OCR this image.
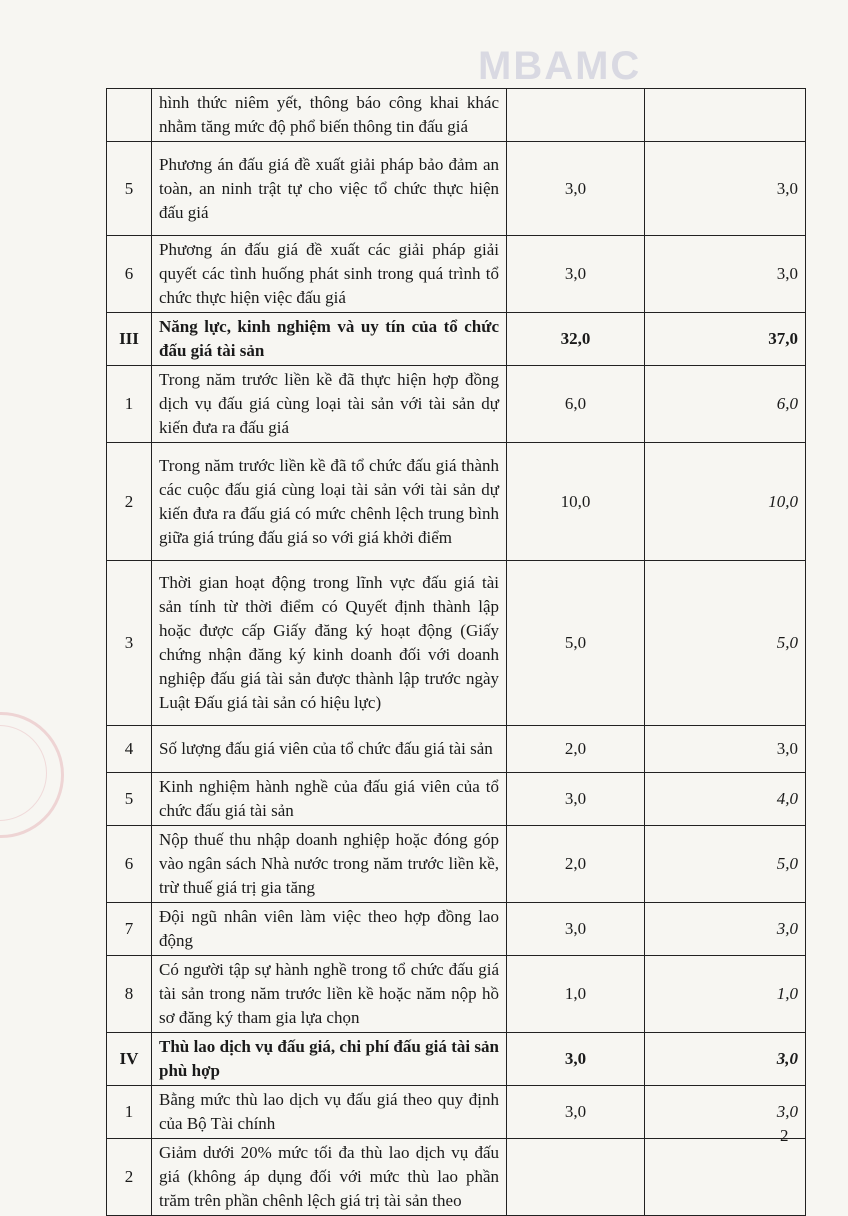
MBAMC
	hình thức niêm yết, thông báo công khai khác nhằm tăng mức độ phổ biến thông tin đấu giá		
5	Phương án đấu giá đề xuất giải pháp bảo đảm an toàn, an ninh trật tự cho việc tổ chức thực hiện đấu giá	3,0	3,0
6	Phương án đấu giá đề xuất các giải pháp giải quyết các tình huống phát sinh trong quá trình tổ chức thực hiện việc đấu giá	3,0	3,0
III	Năng lực, kinh nghiệm và uy tín của tổ chức đấu giá tài sản	32,0	37,0
1	Trong năm trước liền kề đã thực hiện hợp đồng dịch vụ đấu giá cùng loại tài sản với tài sản dự kiến đưa ra đấu giá	6,0	6,0
2	Trong năm trước liền kề đã tổ chức đấu giá thành các cuộc đấu giá cùng loại tài sản với tài sản dự kiến đưa ra đấu giá có mức chênh lệch trung bình giữa giá trúng đấu giá so với giá khởi điểm	10,0	10,0
3	Thời gian hoạt động trong lĩnh vực đấu giá tài sản tính từ thời điểm có Quyết định thành lập hoặc được cấp Giấy đăng ký hoạt động (Giấy chứng nhận đăng ký kinh doanh đối với doanh nghiệp đấu giá tài sản được thành lập trước ngày Luật Đấu giá tài sản có hiệu lực)	5,0	5,0
4	Số lượng đấu giá viên của tổ chức đấu giá tài sản	2,0	3,0
5	Kinh nghiệm hành nghề của đấu giá viên của tổ chức đấu giá tài sản	3,0	4,0
6	Nộp thuế thu nhập doanh nghiệp hoặc đóng góp vào ngân sách Nhà nước trong năm trước liền kề, trừ thuế giá trị gia tăng	2,0	5,0
7	Đội ngũ nhân viên làm việc theo hợp đồng lao động	3,0	3,0
8	Có người tập sự hành nghề trong tổ chức đấu giá tài sản trong năm trước liền kề hoặc năm nộp hồ sơ đăng ký tham gia lựa chọn	1,0	1,0
IV	Thù lao dịch vụ đấu giá, chi phí đấu giá tài sản phù hợp	3,0	3,0
1	Bằng mức thù lao dịch vụ đấu giá theo quy định của Bộ Tài chính	3,0	3,0
2	Giảm dưới 20% mức tối đa thù lao dịch vụ đấu giá (không áp dụng đối với mức thù lao phần trăm trên phần chênh lệch giá trị tài sản theo		
2
